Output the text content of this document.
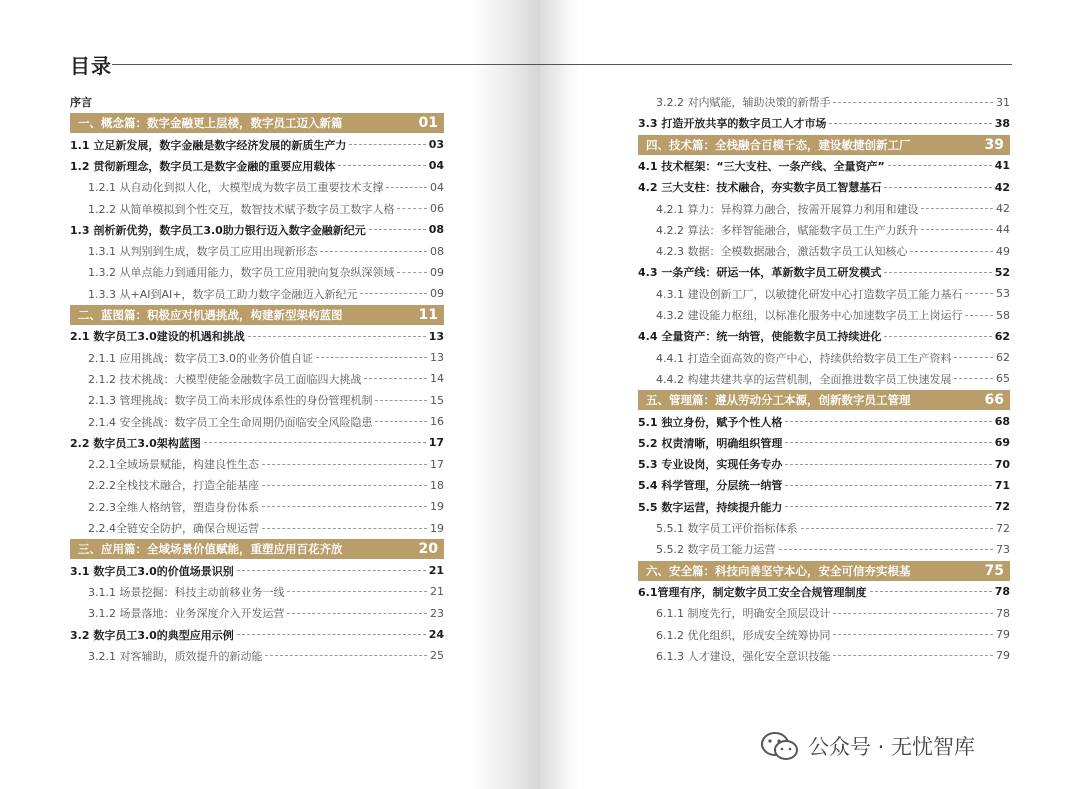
目录
序言
一、概念篇：数字金融更上层楼，数字员工迈入新篇	01
1.1 立足新发展，数字金融是数字经济发展的新质生产力	03
1.2 贯彻新理念，数字员工是数字金融的重要应用载体	04
1.2.1 从自动化到拟人化，大模型成为数字员工重要技术支撑	04
1.2.2 从简单模拟到个性交互，数智技术赋予数字员工数字人格	06
1.3 剖析新优势，数字员工3.0助力银行迈入数字金融新纪元	08
1.3.1 从判别到生成，数字员工应用出现新形态	08
1.3.2 从单点能力到通用能力，数字员工应用驶向复杂纵深领域	09
1.3.3 从+AI到AI+，数字员工助力数字金融迈入新纪元	09
二、蓝图篇：积极应对机遇挑战，构建新型架构蓝图	11
2.1 数字员工3.0建设的机遇和挑战	13
2.1.1 应用挑战：数字员工3.0的业务价值自证	13
2.1.2 技术挑战：大模型使能金融数字员工面临四大挑战	14
2.1.3 管理挑战：数字员工尚未形成体系性的身份管理机制	15
2.1.4 安全挑战：数字员工全生命周期仍面临安全风险隐患	16
2.2 数字员工3.0架构蓝图	17
2.2.1全域场景赋能，构建良性生态	17
2.2.2全栈技术融合，打造全能基座	18
2.2.3全维人格纳管，塑造身份体系	19
2.2.4全链安全防护，确保合规运营	19
三、应用篇：全域场景价值赋能，重塑应用百花齐放	20
3.1 数字员工3.0的价值场景识别	21
3.1.1 场景挖掘：科技主动前移业务一线	21
3.1.2 场景落地：业务深度介入开发运营	23
3.2 数字员工3.0的典型应用示例	24
3.2.1 对客辅助，质效提升的新动能	25
3.2.2 对内赋能，辅助决策的新帮手	31
3.3 打造开放共享的数字员工人才市场	38
四、技术篇：全栈融合百模千态，建设敏捷创新工厂	39
4.1 技术框架：“三大支柱、一条产线、全量资产”	41
4.2 三大支柱：技术融合，夯实数字员工智慧基石	42
4.2.1 算力：异构算力融合，按需开展算力利用和建设	42
4.2.2 算法：多样智能融合，赋能数字员工生产力跃升	44
4.2.3 数据：全模数据融合，激活数字员工认知核心	49
4.3 一条产线：研运一体，革新数字员工研发模式	52
4.3.1 建设创新工厂，以敏捷化研发中心打造数字员工能力基石	53
4.3.2 建设能力枢纽，以标准化服务中心加速数字员工上岗运行	58
4.4 全量资产：统一纳管，使能数字员工持续进化	62
4.4.1 打造全面高效的资产中心，持续供给数字员工生产资料	62
4.4.2 构建共建共享的运营机制，全面推进数字员工快速发展	65
五、管理篇：遵从劳动分工本源，创新数字员工管理	66
5.1 独立身份，赋予个性人格	68
5.2 权责清晰，明确组织管理	69
5.3 专业设岗，实现任务专办	70
5.4 科学管理，分层统一纳管	71
5.5 数字运营，持续提升能力	72
5.5.1 数字员工评价指标体系	72
5.5.2 数字员工能力运营	73
六、安全篇：科技向善坚守本心，安全可信夯实根基	75
6.1管理有序，制定数字员工安全合规管理制度	78
6.1.1 制度先行，明确安全顶层设计	78
6.1.2 优化组织，形成安全统筹协同	79
6.1.3 人才建设，强化安全意识技能	79
公众号 · 无忧智库
